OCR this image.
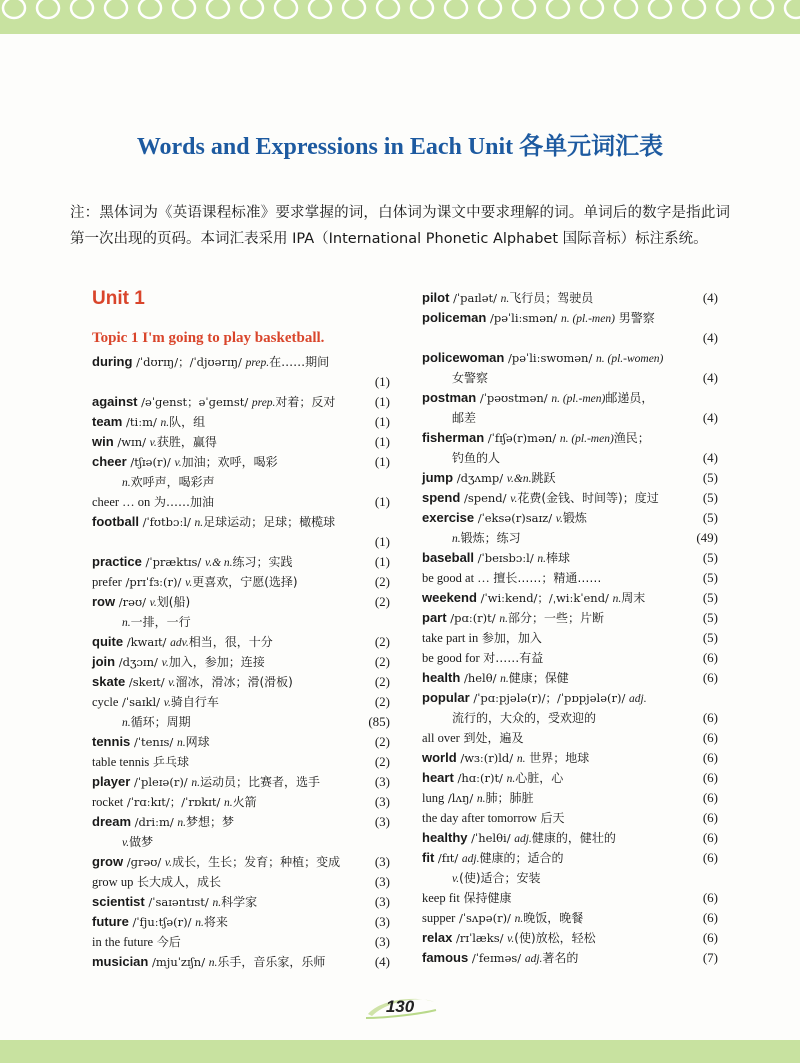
Words and Expressions in Each Unit 各单元词汇表
注：黑体词为《英语课程标准》要求掌握的词，白体词为课文中要求理解的词。单词后的数字是指此词第一次出现的页码。本词汇表采用 IPA（International Phonetic Alphabet 国际音标）标注系统。
Unit 1
Topic 1 I'm going to play basketball.
during /ˈdʊrɪŋ/；/ˈdjʊərɪŋ/ prep.在……期间
(1)
against /əˈɡenst；əˈɡeɪnst/ prep.对着；反对	(1)
team /tiːm/ n.队，组	(1)
win /wɪn/ v.获胜，赢得	(1)
cheer /tʃɪə(r)/ v.加油；欢呼，喝彩	(1)
n.欢呼声，喝彩声
cheer … on 为……加油	(1)
football /ˈfʊtbɔːl/ n.足球运动；足球；橄榄球
(1)
practice /ˈpræktɪs/ v.& n.练习；实践	(1)
prefer /prɪˈfɜː(r)/ v.更喜欢，宁愿(选择)	(2)
row /rəʊ/ v.划(船)	(2)
n.一排，一行
quite /kwaɪt/ adv.相当，很，十分	(2)
join /dʒɔɪn/ v.加入，参加；连接	(2)
skate /skeɪt/ v.溜冰，滑冰；滑(滑板)	(2)
cycle /ˈsaɪkl/ v.骑自行车	(2)
n.循环；周期	(85)
tennis /ˈtenɪs/ n.网球	(2)
table tennis 乒乓球	(2)
player /ˈpleɪə(r)/ n.运动员；比赛者，选手	(3)
rocket /ˈrɑːkɪt/；/ˈrɒkɪt/ n.火箭	(3)
dream /driːm/ n.梦想；梦	(3)
v.做梦
grow /ɡrəʊ/ v.成长，生长；发育；种植；变成	(3)
grow up 长大成人，成长	(3)
scientist /ˈsaɪəntɪst/ n.科学家	(3)
future /ˈfjuːtʃə(r)/ n.将来	(3)
in the future 今后	(3)
musician /mjuˈzɪʃn/ n.乐手，音乐家，乐师	(4)
pilot /ˈpaɪlət/ n.飞行员；驾驶员	(4)
policeman /pəˈliːsmən/ n. (pl.-men) 男警察
(4)
policewoman /pəˈliːswʊmən/ n. (pl.-women)
女警察	(4)
postman /ˈpəʊstmən/ n. (pl.-men)邮递员，
邮差	(4)
fisherman /ˈfɪʃə(r)mən/ n. (pl.-men)渔民；
钓鱼的人	(4)
jump /dʒʌmp/ v.&n.跳跃	(5)
spend /spend/ v.花费(金钱、时间等)；度过	(5)
exercise /ˈeksə(r)saɪz/ v.锻炼	(5)
n.锻炼；练习	(49)
baseball /ˈbeɪsbɔːl/ n.棒球	(5)
be good at … 擅长……；精通……	(5)
weekend /ˈwiːkend/；/ˌwiːkˈend/ n.周末	(5)
part /pɑː(r)t/ n.部分；一些；片断	(5)
take part in 参加，加入	(5)
be good for 对……有益	(6)
health /helθ/ n.健康；保健	(6)
popular /ˈpɑːpjələ(r)/；/ˈpɒpjələ(r)/ adj.
流行的，大众的，受欢迎的	(6)
all over 到处，遍及	(6)
world /wɜː(r)ld/ n. 世界；地球	(6)
heart /hɑː(r)t/ n.心脏，心	(6)
lung /lʌŋ/ n.肺；肺脏	(6)
the day after tomorrow 后天	(6)
healthy /ˈhelθi/ adj.健康的，健壮的	(6)
fit /fɪt/ adj.健康的；适合的	(6)
v.(使)适合；安装
keep fit 保持健康	(6)
supper /ˈsʌpə(r)/ n.晚饭，晚餐	(6)
relax /rɪˈlæks/ v.(使)放松，轻松	(6)
famous /ˈfeɪməs/ adj.著名的	(7)
130
